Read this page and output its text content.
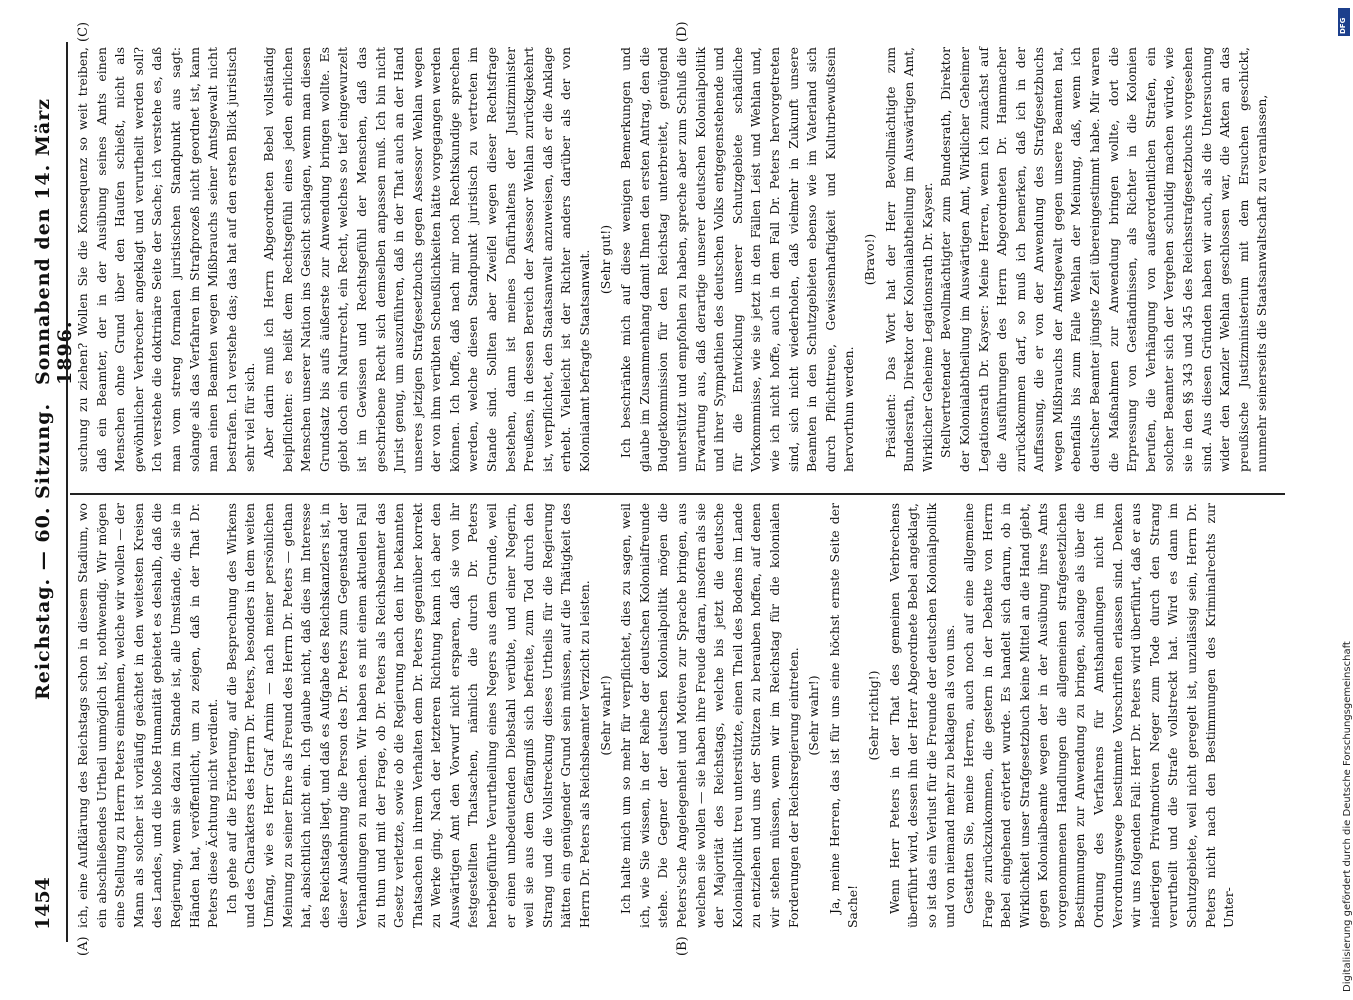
1454
Reichstag. — 60. Sitzung.
Sonnabend den 14. März 1896.
(A)	(B)
(C)	(D)

ich, eine Aufklärung des Reichstags schon in diesem Stadium, wo ein abschließendes Urtheil unmöglich ist, nothwendig. Wir mögen eine Stellung zu Herrn Peters einnehmen, welche wir wollen — der Mann als solcher ist vorläufig geächtet in den weitesten Kreisen des Landes, und die bloße Humanität gebietet es deshalb, daß die Regierung, wenn sie dazu im Stande ist, alle Umstände, die sie in Händen hat, veröffentlicht, um zu zeigen, daß in der That Dr. Peters diese Ächtung nicht verdient. Ich gehe auf die Erörterung, auf die Besprechung des Wirkens und des Charakters des Herrn Dr. Peters, besonders in dem weiten Umfang, wie es Herr Graf Arnim — nach meiner persönlichen Meinung zu seiner Ehre als Freund des Herrn Dr. Peters — gethan hat, absichtlich nicht ein. Ich glaube nicht, daß dies im Interesse des Reichstags liegt, und daß es Aufgabe des Reichskanzlers ist, in dieser Ausdehnung die Person des Dr. Peters zum Gegenstand der Verhandlungen zu machen. Wir haben es mit einem aktuellen Fall zu thun und mit der Frage, ob Dr. Peters als Reichsbeamter das Gesetz verletzte, sowie ob die Regierung nach den ihr bekannten Thatsachen in ihrem Verhalten dem Dr. Peters gegenüber korrekt zu Werke ging. Nach der letzteren Richtung kann ich aber den Auswärtigen Amt den Vorwurf nicht ersparen, daß sie von ihr festgestellten Thatsachen, nämlich die durch Dr. Peters herbeigeführte Verurtheilung eines Negers aus dem Grunde, weil er einen unbedeutenden Diebstahl verübte, und einer Negerin, weil sie aus dem Gefängniß sich befreite, zum Tod durch den Strang und die Vollstreckung dieses Urtheils für die Regierung hätten ein genügender Grund sein müssen, auf die Thätigkeit des Herrn Dr. Peters als Reichsbeamter Verzicht zu leisten. (Sehr wahr!) Ich halte mich um so mehr für verpflichtet, dies zu sagen, weil ich, wie Sie wissen, in der Reihe der deutschen Kolonialfreunde stehe. Die Gegner der deutschen Kolonialpolitik mögen die Peters'sche Angelegenheit und Motiven zur Sprache bringen, aus welchen sie wollen — sie haben ihre Freude daran, insofern als sie der Majorität des Reichstags, welche bis jetzt die deutsche Kolonialpolitik treu unterstützte, einen Theil des Bodens im Lande zu entziehen und uns der Stützen zu berauben hoffen, auf denen wir stehen müssen, wenn wir im Reichstag für die kolonialen Forderungen der Reichsregierung eintreten. (Sehr wahr!) Ja, meine Herren, das ist für uns eine höchst ernste Seite der Sache!

(Sehr richtig!) Wenn Herr Peters in der That des gemeinen Verbrechens überführt wird, dessen ihn der Herr Abgeordnete Bebel angeklagt, so ist das ein Verlust für die Freunde der deutschen Kolonialpolitik und von niemand mehr zu beklagen als von uns. Gestatten Sie, meine Herren, auch noch auf eine allgemeine Frage zurückzukommen, die gestern in der Debatte von Herrn Bebel eingehend erörtert wurde. Es handelt sich darum, ob in Wirklichkeit unser Strafgesetzbuch keine Mittel an die Hand giebt, gegen Kolonialbeamte wegen der in der Ausübung ihres Amts vorgenommenen Handlungen die allgemeinen strafgesetzlichen Bestimmungen zur Anwendung zu bringen, solange als über die Ordnung des Verfahrens für Amtshandlungen nicht im Verordnungswege bestimmte Vorschriften erlassen sind. Denken wir uns folgenden Fall: Herr Dr. Peters wird überführt, daß er aus niederigen Privatmotiven Neger zum Tode durch den Strang verurtheilt und die Strafe vollstreckt hat. Wird es dann im Schutzgebiete, weil nicht geregelt ist, unzulässig sein, Herrn Dr. Peters nicht nach den Bestimmungen des Kriminalrechts zur Unter-

suchung zu ziehen? Wollen Sie die Konsequenz so weit treiben, daß ein Beamter, der in der Ausübung seines Amts einen Menschen ohne Grund über den Haufen schießt, nicht als gewöhnlicher Verbrecher angeklagt und verurtheilt werden soll? Ich verstehe die doktrinäre Seite der Sache; ich verstehe es, daß man vom streng formalen juristischen Standpunkt aus sagt: solange als das Verfahren im Strafprozeß nicht geordnet ist, kann man einen Beamten wegen Mißbrauchs seiner Amtsgewalt nicht bestrafen. Ich verstehe das; das hat auf den ersten Blick juristisch sehr viel für sich. Aber darin muß ich Herrn Abgeordneten Bebel vollständig beipflichten: es heißt dem Rechtsgefühl eines jeden ehrlichen Menschen unserer Nation ins Gesicht schlagen, wenn man diesen Grundsatz bis aufs äußerste zur Anwendung bringen wollte. Es giebt doch ein Naturrecht, ein Recht, welches so tief eingewurzelt ist im Gewissen und Rechtsgefühl der Menschen, daß das geschriebene Recht sich demselben anpassen muß. Ich bin nicht Jurist genug, um auszuführen, daß in der That auch an der Hand unseres jetzigen Strafgesetzbuchs gegen Assessor Wehlan wegen der von ihm verübten Scheußlichkeiten hätte vorgegangen werden können. Ich hoffe, daß nach mir noch Rechtskundige sprechen werden, welche diesen Standpunkt juristisch zu vertreten im Stande sind. Sollten aber Zweifel wegen dieser Rechtsfrage bestehen, dann ist meines Dafürhaltens der Justizminister Preußens, in dessen Bereich der Assessor Wehlan zurückgekehrt ist, verpflichtet, den Staatsanwalt anzuweisen, daß er die Anklage erhebt. Vielleicht ist der Richter anders darüber als der von Kolonialamt befragte Staatsanwalt. (Sehr gut!) Ich beschränke mich auf diese wenigen Bemerkungen und glaube im Zusammenhang damit Ihnen den ersten Antrag, den die Budgetkommission für den Reichstag unterbreitet, genügend unterstützt und empfohlen zu haben, spreche aber zum Schluß die Erwartung aus, daß derartige unserer deutschen Kolonialpolitik und ihrer Sympathien des deutschen Volks entgegenstehende und für die Entwicklung unserer Schutzgebiete schädliche Vorkommnisse, wie sie jetzt in den Fällen Leist und Wehlan und, wie ich nicht hoffe, auch in dem Fall Dr. Peters hervorgetreten sind, sich nicht wiederholen, daß vielmehr in Zukunft unsere Beamten in den Schutzgebieten ebenso wie im Vaterland sich durch Pflichttreue, Gewissenhaftigkeit und Kulturbewußtsein hervorthun werden.

(Bravo!) Präsident: Das Wort hat der Herr Bevollmächtigte zum Bundesrath, Direktor der Kolonialabtheilung im Auswärtigen Amt, Wirklicher Geheime Legationsrath Dr. Kayser. Stellvertretender Bevollmächtigter zum Bundesrath, Direktor der Kolonialabtheilung im Auswärtigen Amt, Wirklicher Geheimer Legationsrath Dr. Kayser: Meine Herren, wenn ich zunächst auf die Ausführungen des Herrn Abgeordneten Dr. Hammacher zurückkommen darf, so muß ich bemerken, daß ich in der Auffassung, die er von der Anwendung des Strafgesetzbuchs wegen Mißbrauchs der Amtsgewalt gegen unsere Beamten hat, ebenfalls bis zum Falle Wehlan der Meinung, daß, wenn ich deutscher Beamter jüngste Zeit übereingestimmt habe. Mir waren die Maßnahmen zur Anwendung bringen wollte, dort die Erpressung von Geständnissen, als Richter in die Kolonien berufen, die Verhängung von außerordentlichen Strafen, ein solcher Beamter sich der Vergehen schuldig machen würde, wie sie in den §§ 343 und 345 des Reichsstrafgesetzbuchs vorgesehen sind. Aus diesen Gründen haben wir auch, als die Untersuchung wider den Kanzler Wehlan geschlossen war, die Akten an das preußische Justizministerium mit dem Ersuchen geschickt, nunmehr seinerseits die Staatsanwaltschaft zu veranlassen,

DFG
Digitalisierung gefördert durch die Deutsche Forschungsgemeinschaft
